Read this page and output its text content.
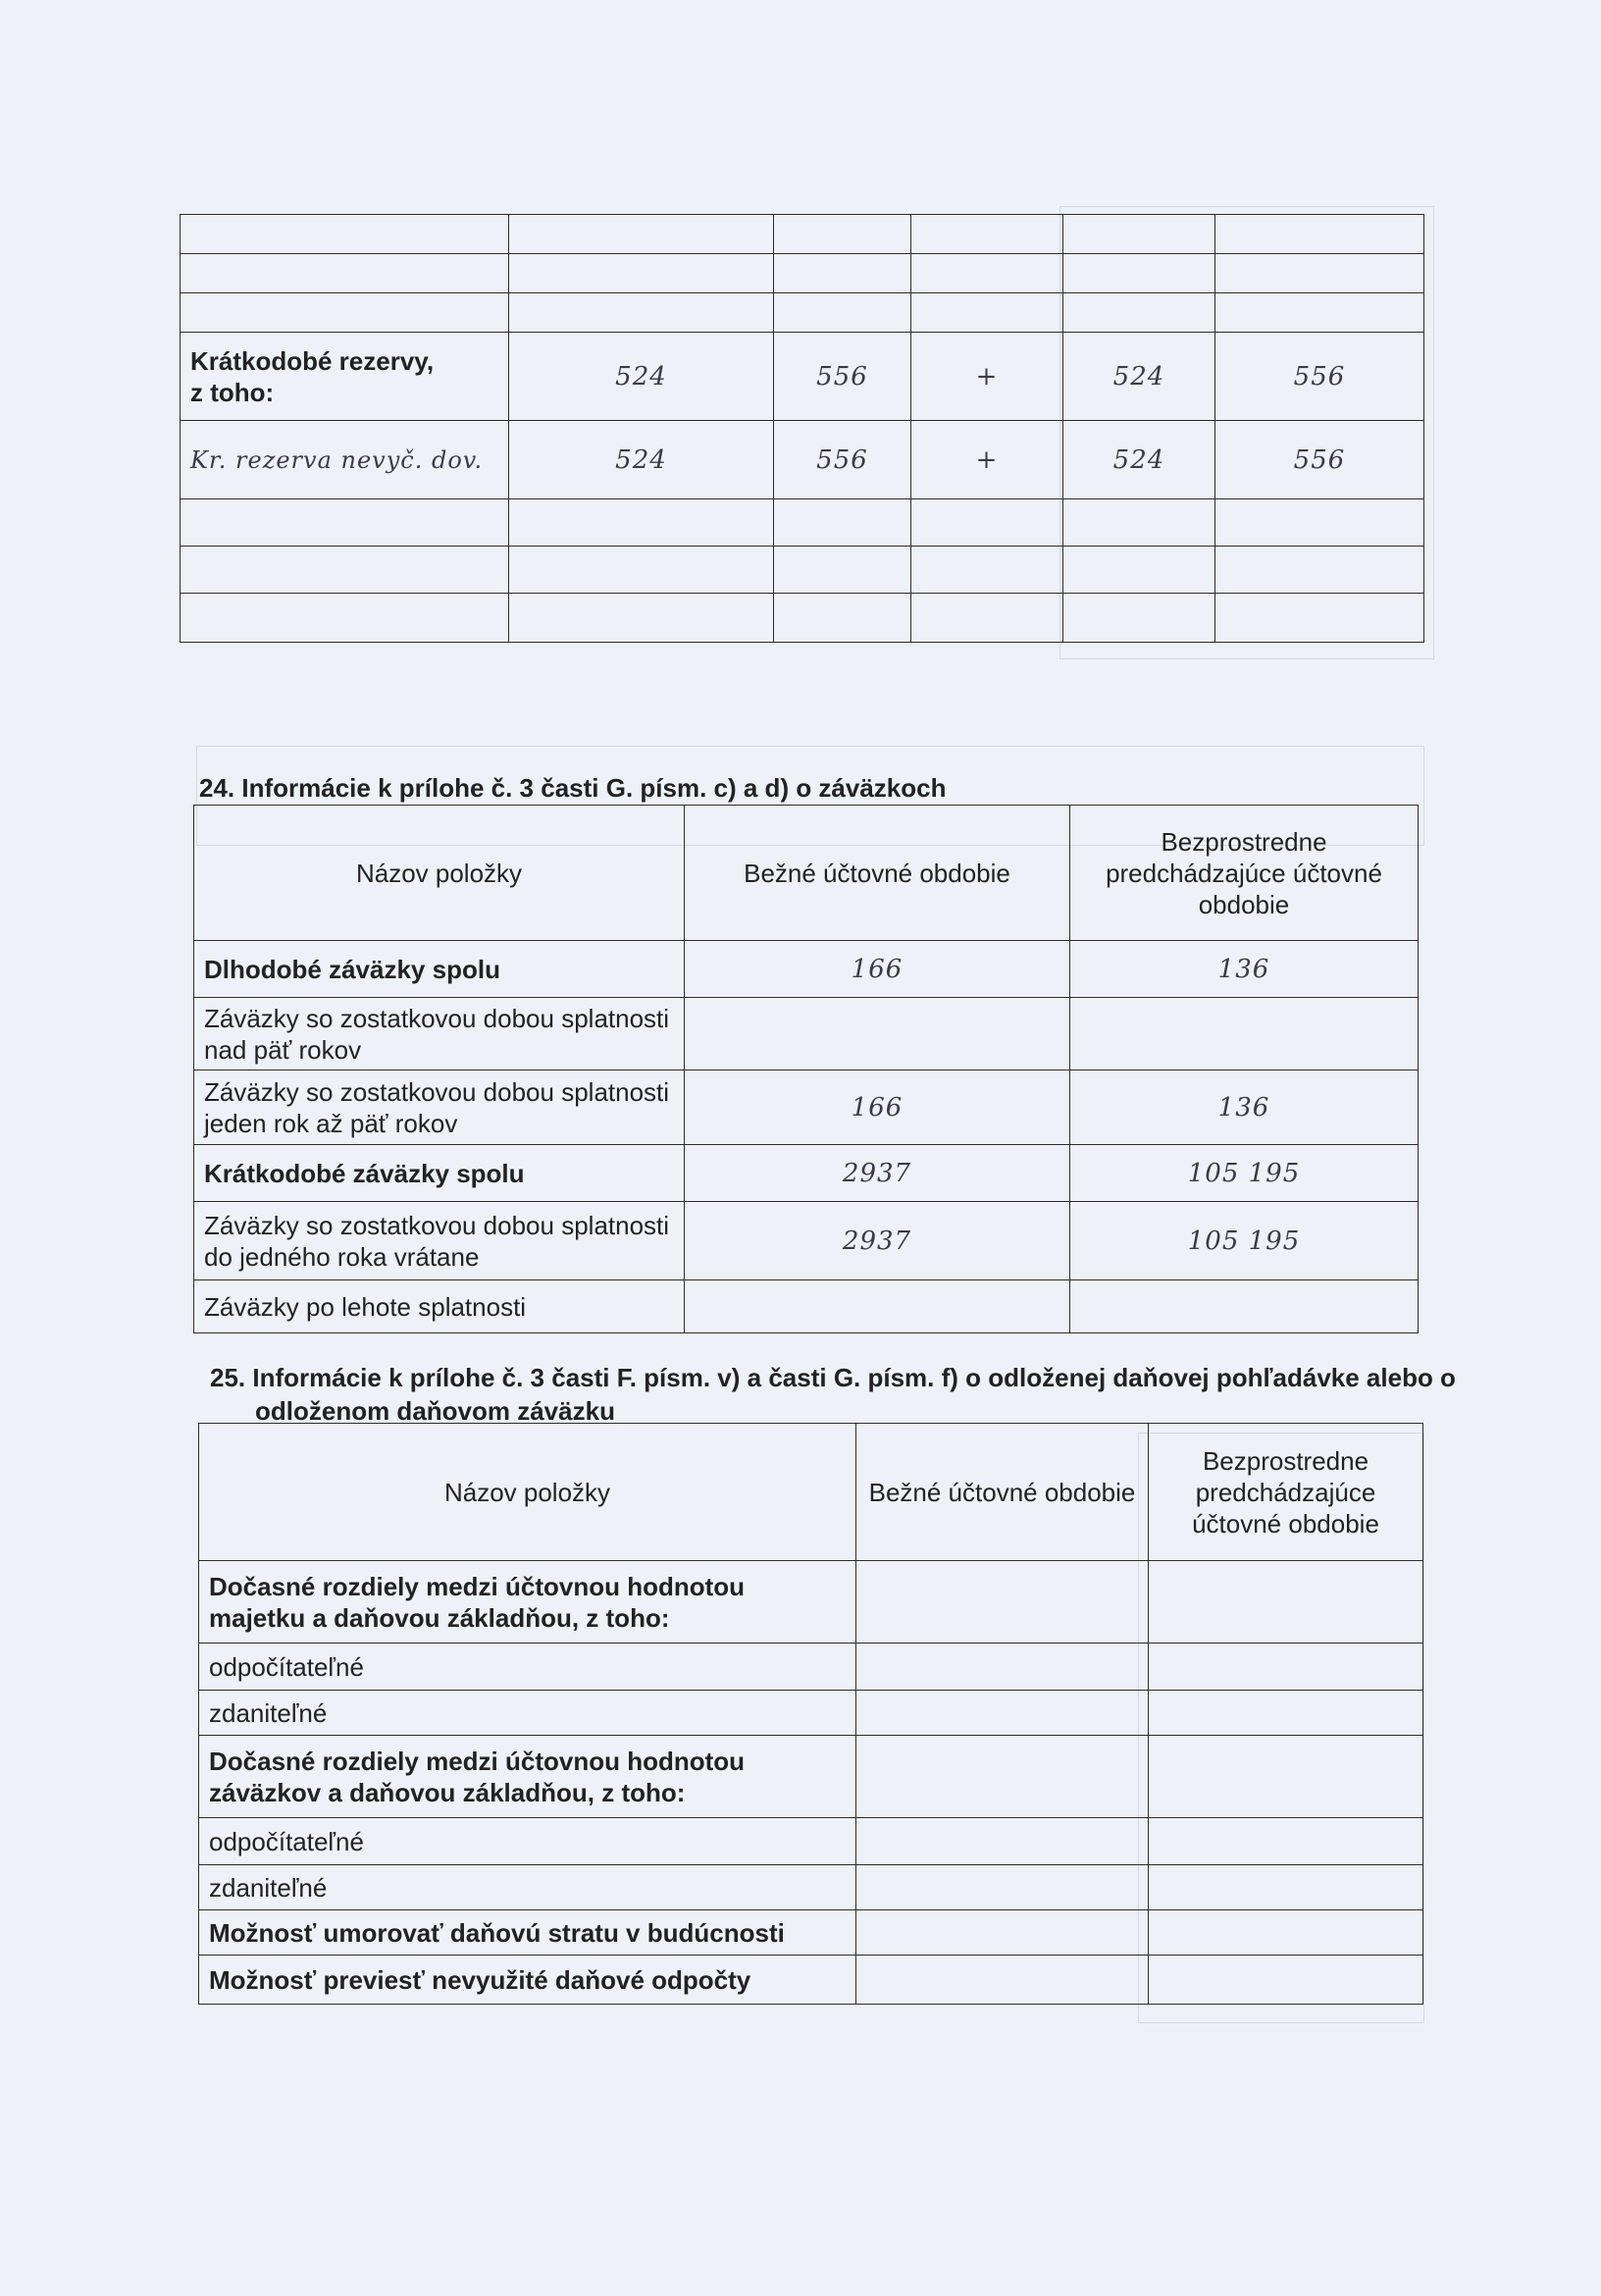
Krátkodobé rezervy,
z toho:	524	556	+	524	556
Kr. rezerva nevyč. dov.	524	556	+	524	556

24. Informácie k prílohe č. 3 časti G. písm. c) a d) o záväzkoch
Názov položky	Bežné účtovné obdobie	Bezprostredne predchádzajúce účtovné obdobie
Dlhodobé záväzky spolu	166	136
Záväzky so zostatkovou dobou splatnosti nad päť rokov		
Záväzky so zostatkovou dobou splatnosti jeden rok až päť rokov	166	136
Krátkodobé záväzky spolu	2937	105 195
Záväzky so zostatkovou dobou splatnosti do jedného roka vrátane	2937	105 195
Záväzky po lehote splatnosti		
25. Informácie k prílohe č. 3 časti F. písm. v) a časti G. písm. f) o odloženej daňovej pohľadávke alebo o
odloženom daňovom záväzku
Názov položky	Bežné účtovné obdobie	Bezprostredne predchádzajúce účtovné obdobie
Dočasné rozdiely medzi účtovnou hodnotou majetku a daňovou základňou, z toho:		
odpočítateľné		
zdaniteľné		
Dočasné rozdiely medzi účtovnou hodnotou záväzkov a daňovou základňou, z toho:		
odpočítateľné		
zdaniteľné		
Možnosť umorovať daňovú stratu v budúcnosti		
Možnosť previesť nevyužité daňové odpočty		
